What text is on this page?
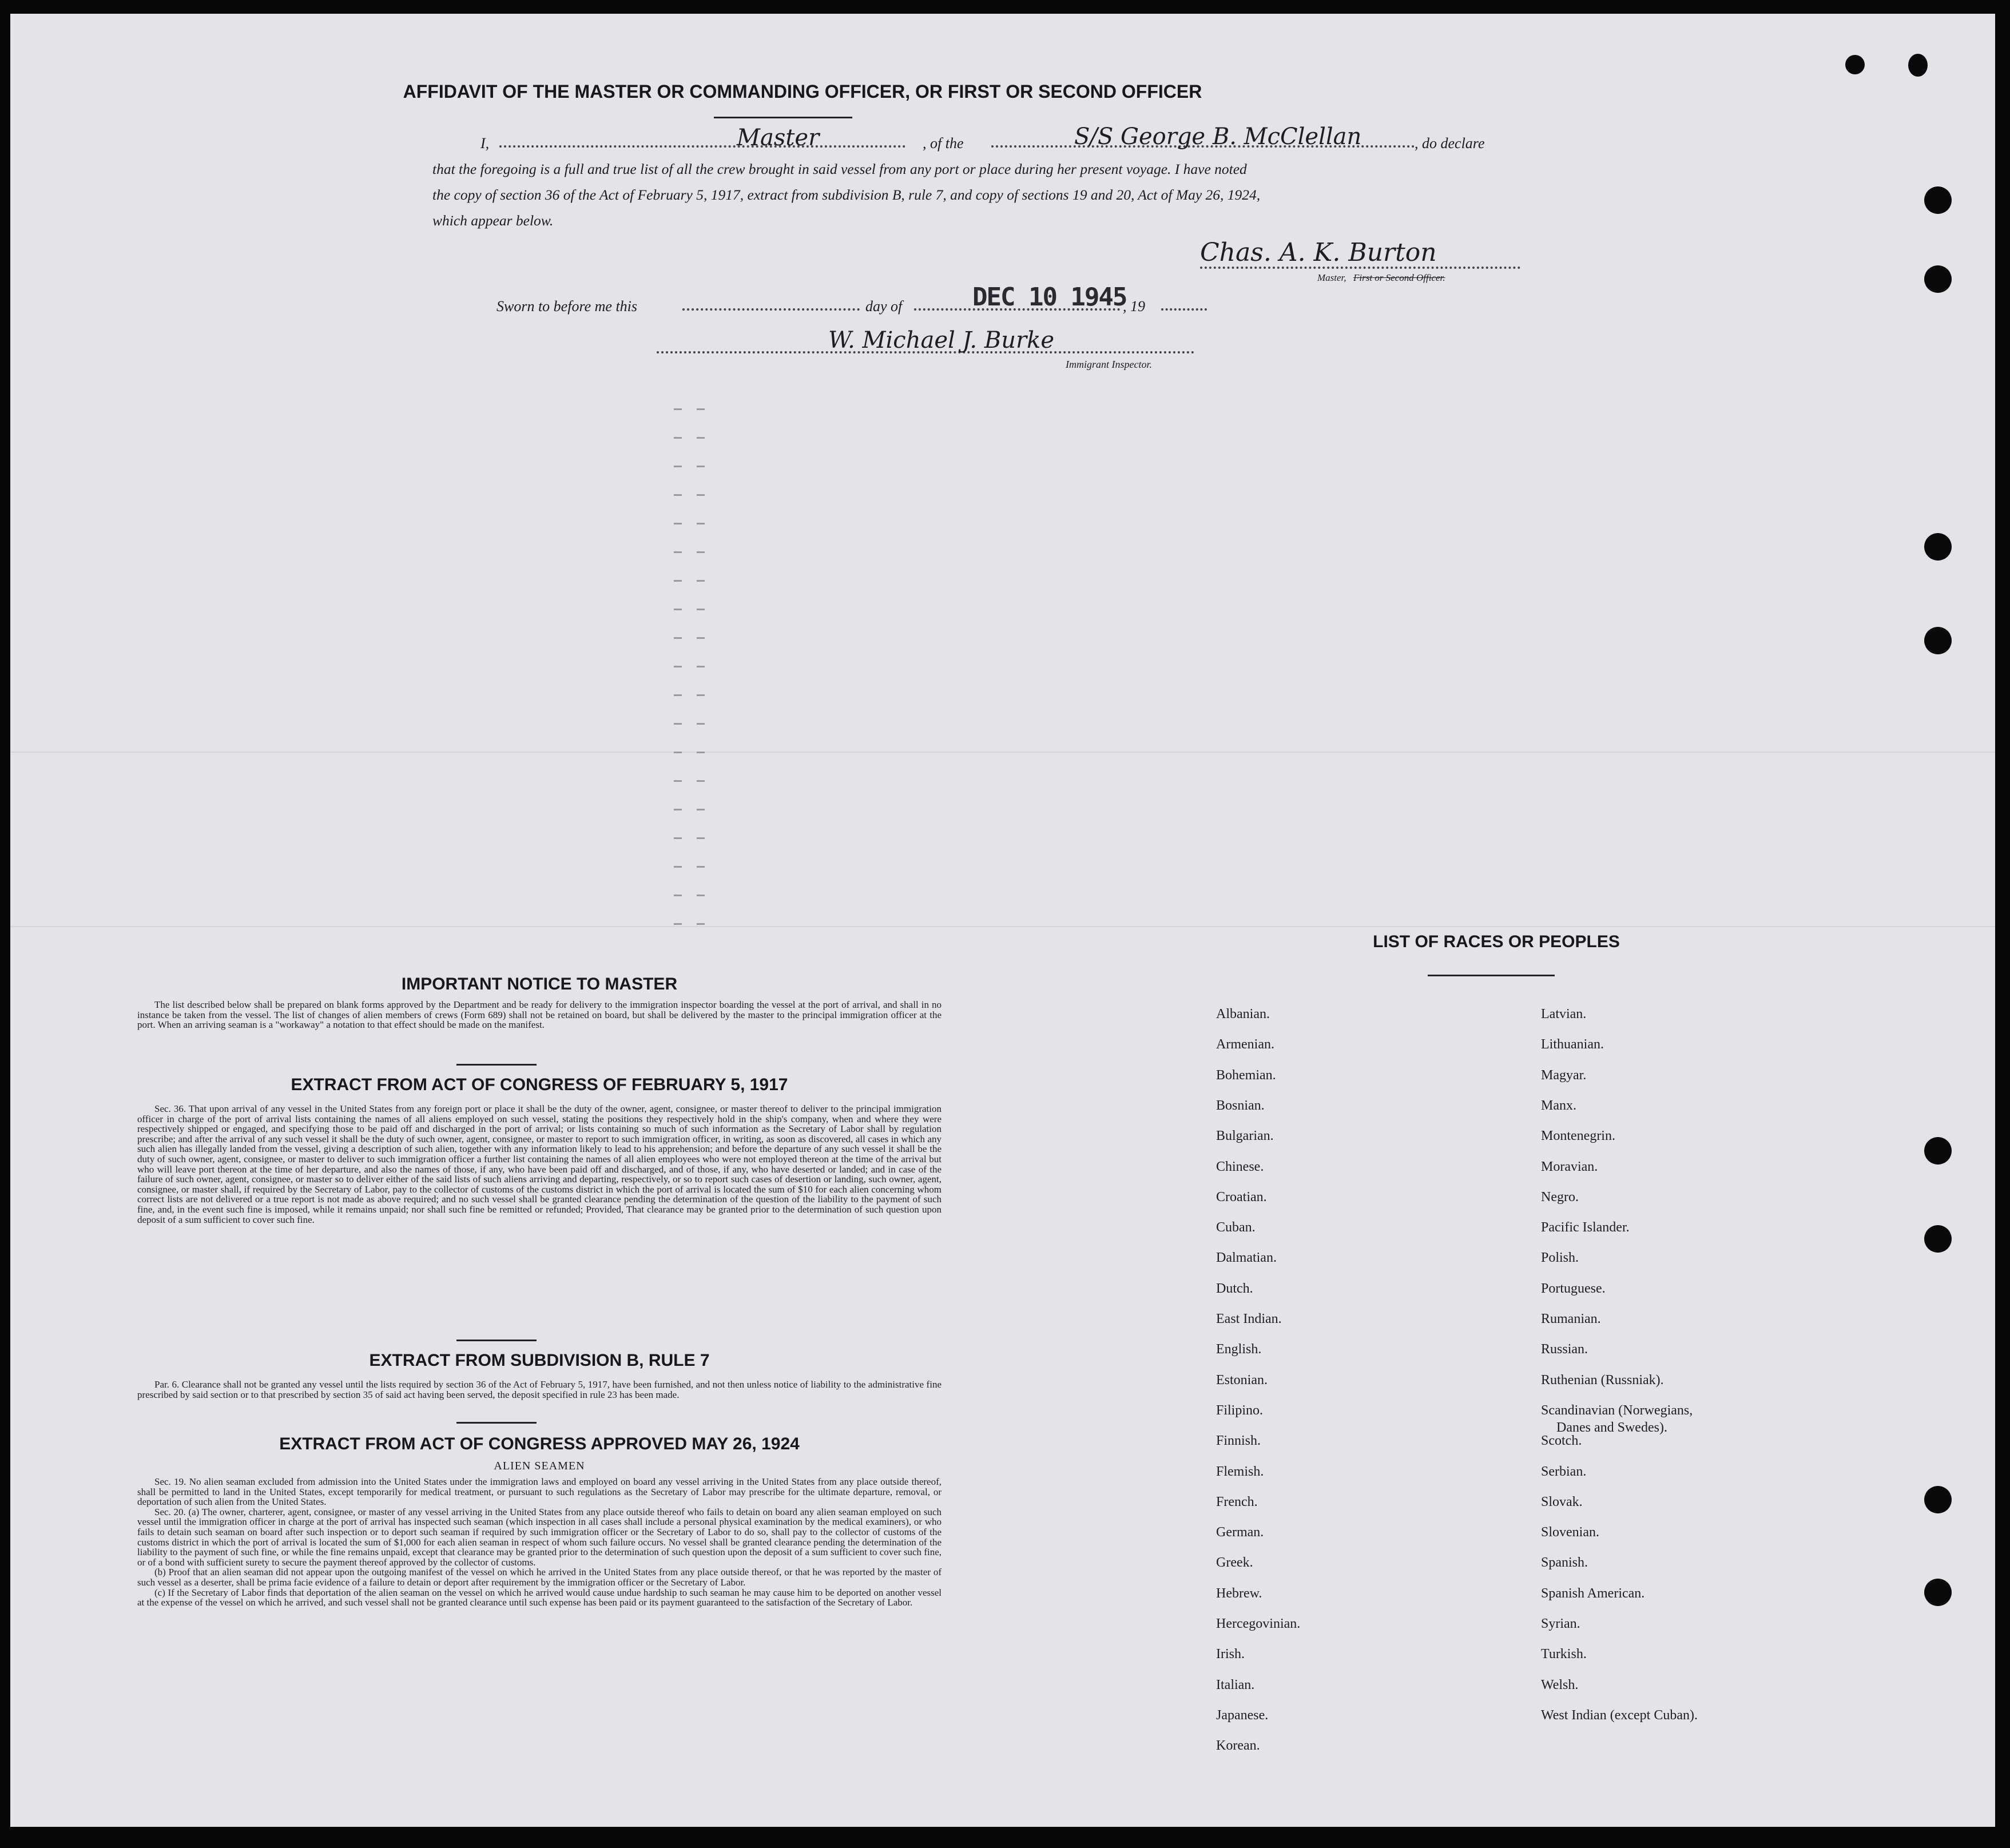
AFFIDAVIT OF THE MASTER OR COMMANDING OFFICER, OR FIRST OR SECOND OFFICER
I,	Master	, of the	S/S George B. McClellan	, do declare
that the foregoing is a full and true list of all the crew brought in said vessel from any port or place during her present voyage. I have noted
the copy of section 36 of the Act of February 5, 1917, extract from subdivision B, rule 7, and copy of sections 19 and 20, Act of May 26, 1924,
which appear below.
Chas. A. K. Burton
Master, First or Second Officer.
Sworn to before me this	day of	DEC 10 1945
, 19
W. Michael J. Burke
Immigrant Inspector.
IMPORTANT NOTICE TO MASTER

The list described below shall be prepared on blank forms approved by the Department and be ready for delivery to the immigration inspector boarding the vessel at the port of arrival, and shall in no instance be taken from the vessel. The list of changes of alien members of crews (Form 689) shall not be retained on board, but shall be delivered by the master to the principal immigration officer at the port. When an arriving seaman is a "workaway" a notation to that effect should be made on the manifest.

EXTRACT FROM ACT OF CONGRESS OF FEBRUARY 5, 1917

Sec. 36. That upon arrival of any vessel in the United States from any foreign port or place it shall be the duty of the owner, agent, consignee, or master thereof to deliver to the principal immigration officer in charge of the port of arrival lists containing the names of all aliens employed on such vessel, stating the positions they respectively hold in the ship's company, when and where they were respectively shipped or engaged, and specifying those to be paid off and discharged in the port of arrival; or lists containing so much of such information as the Secretary of Labor shall by regulation prescribe; and after the arrival of any such vessel it shall be the duty of such owner, agent, consignee, or master to report to such immigration officer, in writing, as soon as discovered, all cases in which any such alien has illegally landed from the vessel, giving a description of such alien, together with any information likely to lead to his apprehension; and before the departure of any such vessel it shall be the duty of such owner, agent, consignee, or master to deliver to such immigration officer a further list containing the names of all alien employees who were not employed thereon at the time of the arrival but who will leave port thereon at the time of her departure, and also the names of those, if any, who have been paid off and discharged, and of those, if any, who have deserted or landed; and in case of the failure of such owner, agent, consignee, or master so to deliver either of the said lists of such aliens arriving and departing, respectively, or so to report such cases of desertion or landing, such owner, agent, consignee, or master shall, if required by the Secretary of Labor, pay to the collector of customs of the customs district in which the port of arrival is located the sum of $10 for each alien concerning whom correct lists are not delivered or a true report is not made as above required; and no such vessel shall be granted clearance pending the determination of the question of the liability to the payment of such fine, and, in the event such fine is imposed, while it remains unpaid; nor shall such fine be remitted or refunded; Provided, That clearance may be granted prior to the determination of such question upon deposit of a sum sufficient to cover such fine.

EXTRACT FROM SUBDIVISION B, RULE 7

Par. 6. Clearance shall not be granted any vessel until the lists required by section 36 of the Act of February 5, 1917, have been furnished, and not then unless notice of liability to the administrative fine prescribed by said section or to that prescribed by section 35 of said act having been served, the deposit specified in rule 23 has been made.

EXTRACT FROM ACT OF CONGRESS APPROVED MAY 26, 1924
ALIEN SEAMEN

Sec. 19. No alien seaman excluded from admission into the United States under the immigration laws and employed on board any vessel arriving in the United States from any place outside thereof, shall be permitted to land in the United States, except temporarily for medical treatment, or pursuant to such regulations as the Secretary of Labor may prescribe for the ultimate departure, removal, or deportation of such alien from the United States.

Sec. 20. (a) The owner, charterer, agent, consignee, or master of any vessel arriving in the United States from any place outside thereof who fails to detain on board any alien seaman employed on such vessel until the immigration officer in charge at the port of arrival has inspected such seaman (which inspection in all cases shall include a personal physical examination by the medical examiners), or who fails to detain such seaman on board after such inspection or to deport such seaman if required by such immigration officer or the Secretary of Labor to do so, shall pay to the collector of customs of the customs district in which the port of arrival is located the sum of $1,000 for each alien seaman in respect of whom such failure occurs. No vessel shall be granted clearance pending the determination of the liability to the payment of such fine, or while the fine remains unpaid, except that clearance may be granted prior to the determination of such question upon the deposit of a sum sufficient to cover such fine, or of a bond with sufficient surety to secure the payment thereof approved by the collector of customs.

(b) Proof that an alien seaman did not appear upon the outgoing manifest of the vessel on which he arrived in the United States from any place outside thereof, or that he was reported by the master of such vessel as a deserter, shall be prima facie evidence of a failure to detain or deport after requirement by the immigration officer or the Secretary of Labor.

(c) If the Secretary of Labor finds that deportation of the alien seaman on the vessel on which he arrived would cause undue hardship to such seaman he may cause him to be deported on another vessel at the expense of the vessel on which he arrived, and such vessel shall not be granted clearance until such expense has been paid or its payment guaranteed to the satisfaction of the Secretary of Labor.

LIST OF RACES OR PEOPLES
Albanian.
Armenian.
Bohemian.
Bosnian.
Bulgarian.
Chinese.
Croatian.
Cuban.
Dalmatian.
Dutch.
East Indian.
English.
Estonian.
Filipino.
Finnish.
Flemish.
French.
German.
Greek.
Hebrew.
Hercegovinian.
Irish.
Italian.
Japanese.
Korean.
Latvian.
Lithuanian.
Magyar.
Manx.
Montenegrin.
Moravian.
Negro.
Pacific Islander.
Polish.
Portuguese.
Rumanian.
Russian.
Ruthenian (Russniak).
Scandinavian (Norwegians,
Danes and Swedes).
Scotch.
Serbian.
Slovak.
Slovenian.
Spanish.
Spanish American.
Syrian.
Turkish.
Welsh.
West Indian (except Cuban).
